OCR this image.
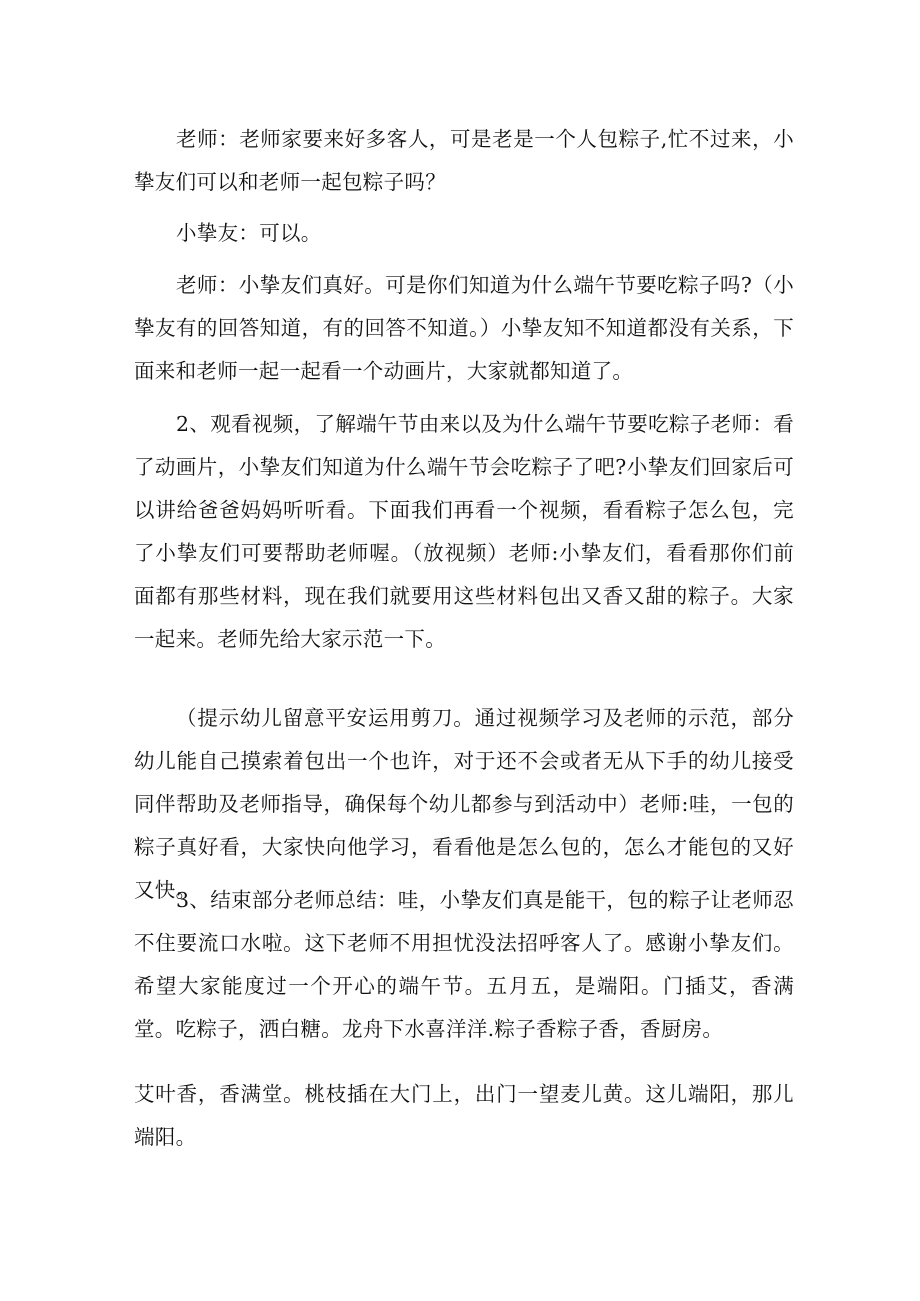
老师：老师家要来好多客人，可是老是一个人包粽子,忙不过来，小挚友们可以和老师一起包粽子吗？

小挚友：可以。

老师：小挚友们真好。可是你们知道为什么端午节要吃粽子吗?（小挚友有的回答知道，有的回答不知道。）小挚友知不知道都没有关系，下面来和老师一起一起看一个动画片，大家就都知道了。

2、观看视频，了解端午节由来以及为什么端午节要吃粽子老师：看了动画片，小挚友们知道为什么端午节会吃粽子了吧?小挚友们回家后可以讲给爸爸妈妈听听看。下面我们再看一个视频，看看粽子怎么包，完了小挚友们可要帮助老师喔。（放视频）老师:小挚友们，看看那你们前面都有那些材料，现在我们就要用这些材料包出又香又甜的粽子。大家一起来。老师先给大家示范一下。

（提示幼儿留意平安运用剪刀。通过视频学习及老师的示范，部分幼儿能自己摸索着包出一个也许，对于还不会或者无从下手的幼儿接受同伴帮助及老师指导，确保每个幼儿都参与到活动中）老师:哇，一包的粽子真好看，大家快向他学习，看看他是怎么包的，怎么才能包的又好又快。

3、结束部分老师总结：哇，小挚友们真是能干，包的粽子让老师忍不住要流口水啦。这下老师不用担忧没法招呼客人了。感谢小挚友们。希望大家能度过一个开心的端午节。五月五，是端阳。门插艾，香满堂。吃粽子，洒白糖。龙舟下水喜洋洋.粽子香粽子香，香厨房。

艾叶香，香满堂。桃枝插在大门上，出门一望麦儿黄。这儿端阳，那儿端阳。
